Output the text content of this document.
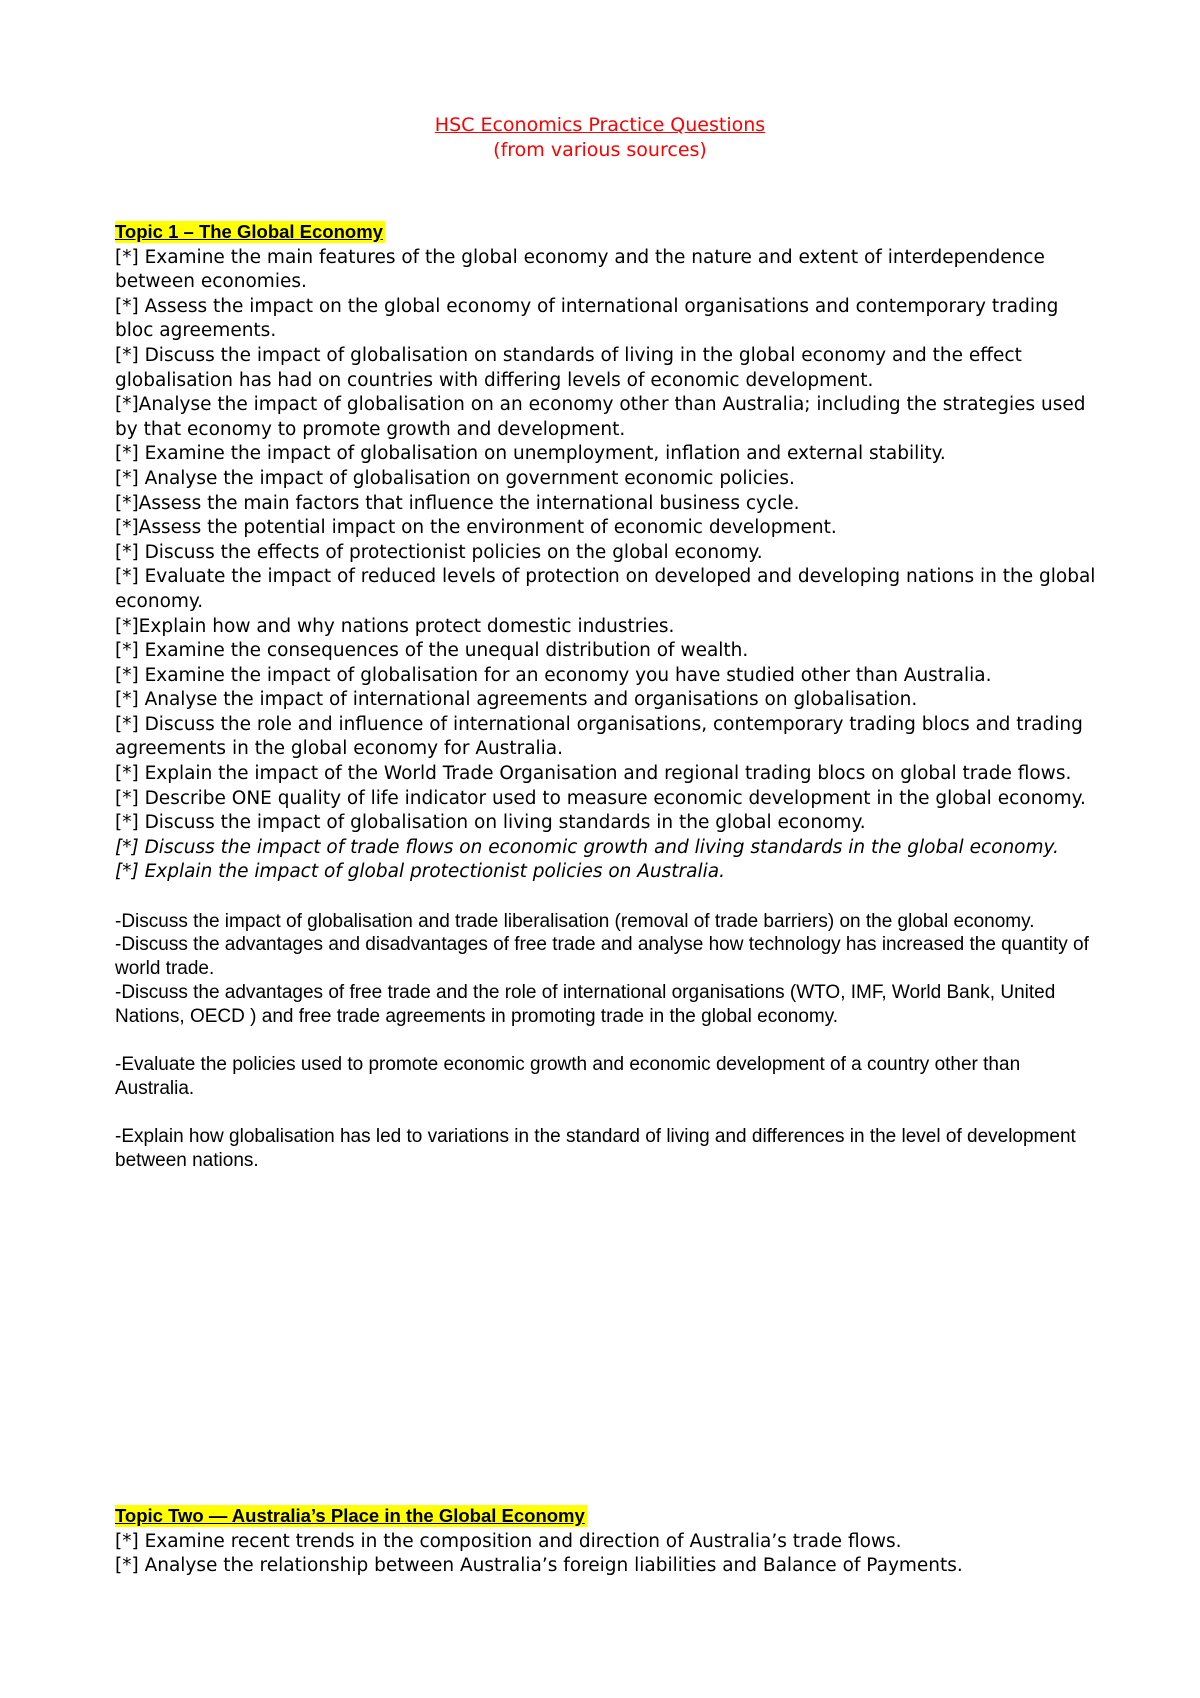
HSC Economics Practice Questions
(from various sources)
Topic 1 – The Global Economy

[*] Examine the main features of the global economy and the nature and extent of interdependence between economies.

[*] Assess the impact on the global economy of international organisations and contemporary trading bloc agreements.

[*] Discuss the impact of globalisation on standards of living in the global economy and the effect globalisation has had on countries with differing levels of economic development.

[*]Analyse the impact of globalisation on an economy other than Australia; including the strategies used by that economy to promote growth and development.

[*] Examine the impact of globalisation on unemployment, inflation and external stability.

[*] Analyse the impact of globalisation on government economic policies.

[*]Assess the main factors that influence the international business cycle.

[*]Assess the potential impact on the environment of economic development.

[*] Discuss the effects of protectionist policies on the global economy.

[*] Evaluate the impact of reduced levels of protection on developed and developing nations in the global economy.

[*]Explain how and why nations protect domestic industries.

[*] Examine the consequences of the unequal distribution of wealth.

[*] Examine the impact of globalisation for an economy you have studied other than Australia.

[*] Analyse the impact of international agreements and organisations on globalisation.

[*] Discuss the role and influence of international organisations, contemporary trading blocs and trading agreements in the global economy for Australia.

[*] Explain the impact of the World Trade Organisation and regional trading blocs on global trade flows.

[*] Describe ONE quality of life indicator used to measure economic development in the global economy.

[*] Discuss the impact of globalisation on living standards in the global economy.

[*] Discuss the impact of trade flows on economic growth and living standards in the global economy.

[*] Explain the impact of global protectionist policies on Australia.

-Discuss the impact of globalisation and trade liberalisation (removal of trade barriers) on the global economy.

-Discuss the advantages and disadvantages of free trade and analyse how technology has increased the quantity of world trade.

-Discuss the advantages of free trade and the role of international organisations (WTO, IMF, World Bank, United Nations, OECD ) and free trade agreements in promoting trade in the global economy.

-Evaluate the policies used to promote economic growth and economic development of a country other than Australia.

-Explain how globalisation has led to variations in the standard of living and differences in the level of development between nations.

Topic Two — Australia’s Place in the Global Economy

[*] Examine recent trends in the composition and direction of Australia’s trade flows.

[*] Analyse the relationship between Australia’s foreign liabilities and Balance of Payments.
